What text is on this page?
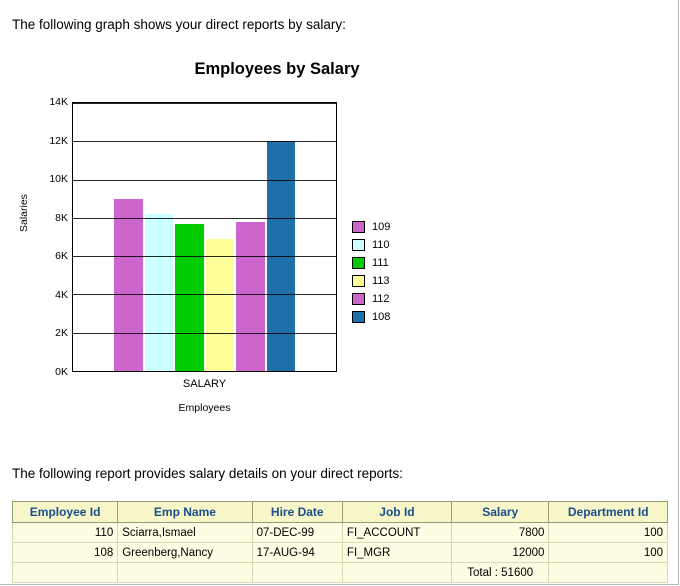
The following graph shows your direct reports by salary:
Employees by Salary
Salaries
14K
12K
10K
8K
6K
4K
2K
0K
SALARY
Employees
109
110
111
113
112
108
The following report provides salary details on your direct reports:
Employee Id	Emp Name	Hire Date	Job Id	Salary	Department Id
110	Sciarra,Ismael	07-DEC-99	FI_ACCOUNT	7800	100
108	Greenberg,Nancy	17-AUG-94	FI_MGR	12000	100
				Total : 51600	
